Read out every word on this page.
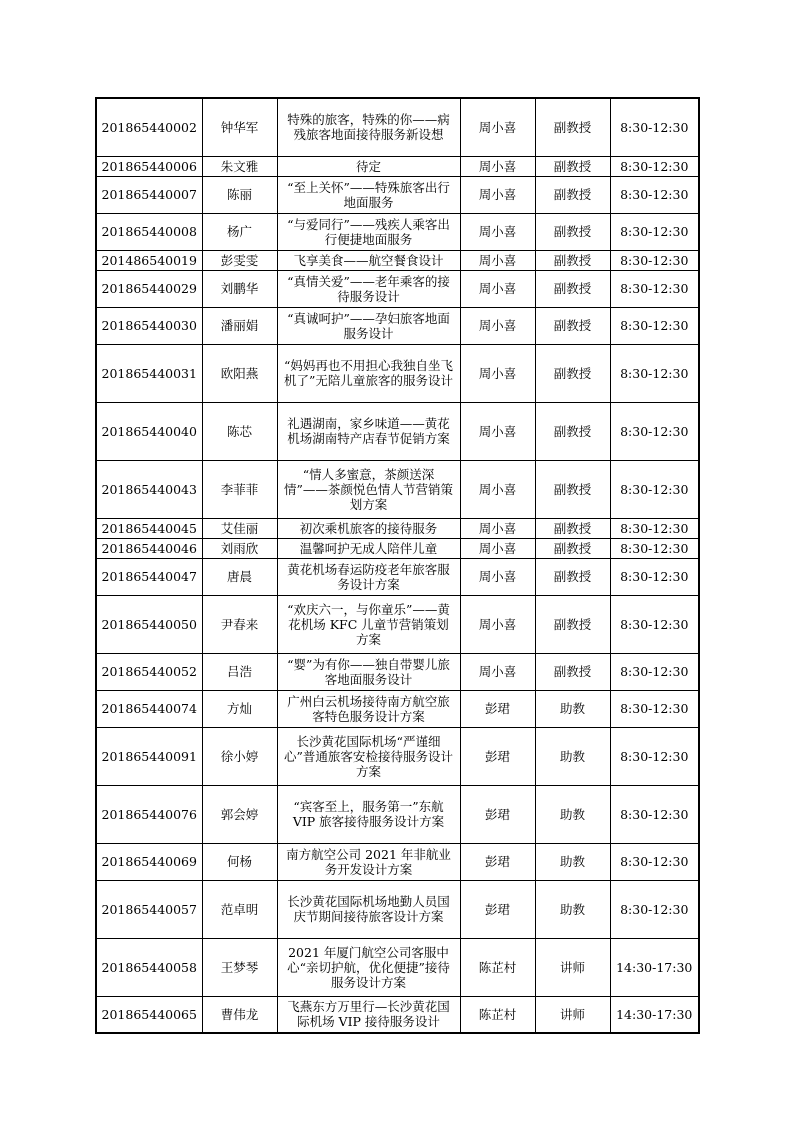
201865440002	钟华军	特殊的旅客，特殊的你——病残旅客地面接待服务新设想	周小喜	副教授	8:30-12:30
201865440006	朱文雅	待定	周小喜	副教授	8:30-12:30
201865440007	陈丽	“至上关怀”——特殊旅客出行地面服务	周小喜	副教授	8:30-12:30
201865440008	杨广	“与爱同行”——残疾人乘客出行便捷地面服务	周小喜	副教授	8:30-12:30
201486540019	彭雯雯	飞享美食——航空餐食设计	周小喜	副教授	8:30-12:30
201865440029	刘鹏华	“真情关爱”——老年乘客的接待服务设计	周小喜	副教授	8:30-12:30
201865440030	潘丽娟	“真诚呵护”——孕妇旅客地面服务设计	周小喜	副教授	8:30-12:30
201865440031	欧阳燕	“妈妈再也不用担心我独自坐飞机了”无陪儿童旅客的服务设计	周小喜	副教授	8:30-12:30
201865440040	陈芯	礼遇湖南，家乡味道——黄花机场湖南特产店春节促销方案	周小喜	副教授	8:30-12:30
201865440043	李菲菲	“情人多蜜意，茶颜送深情”——茶颜悦色情人节营销策划方案	周小喜	副教授	8:30-12:30
201865440045	艾佳丽	初次乘机旅客的接待服务	周小喜	副教授	8:30-12:30
201865440046	刘雨欣	温馨呵护无成人陪伴儿童	周小喜	副教授	8:30-12:30
201865440047	唐晨	黄花机场春运防疫老年旅客服务设计方案	周小喜	副教授	8:30-12:30
201865440050	尹春来	“欢庆六一，与你童乐”——黄花机场 KFC 儿童节营销策划方案	周小喜	副教授	8:30-12:30
201865440052	吕浩	“婴”为有你——独自带婴儿旅客地面服务设计	周小喜	副教授	8:30-12:30
201865440074	方灿	广州白云机场接待南方航空旅客特色服务设计方案	彭珺	助教	8:30-12:30
201865440091	徐小婷	长沙黄花国际机场“严谨细心”普通旅客安检接待服务设计方案	彭珺	助教	8:30-12:30
201865440076	郭会婷	“宾客至上，服务第一”东航 VIP 旅客接待服务设计方案	彭珺	助教	8:30-12:30
201865440069	何杨	南方航空公司 2021 年非航业务开发设计方案	彭珺	助教	8:30-12:30
201865440057	范卓明	长沙黄花国际机场地勤人员国庆节期间接待旅客设计方案	彭珺	助教	8:30-12:30
201865440058	王梦琴	2021 年厦门航空公司客服中心“亲切护航，优化便捷”接待服务设计方案	陈芷村	讲师	14:30-17:30
201865440065	曹伟龙	飞燕东方万里行—长沙黄花国际机场 VIP 接待服务设计	陈芷村	讲师	14:30-17:30
